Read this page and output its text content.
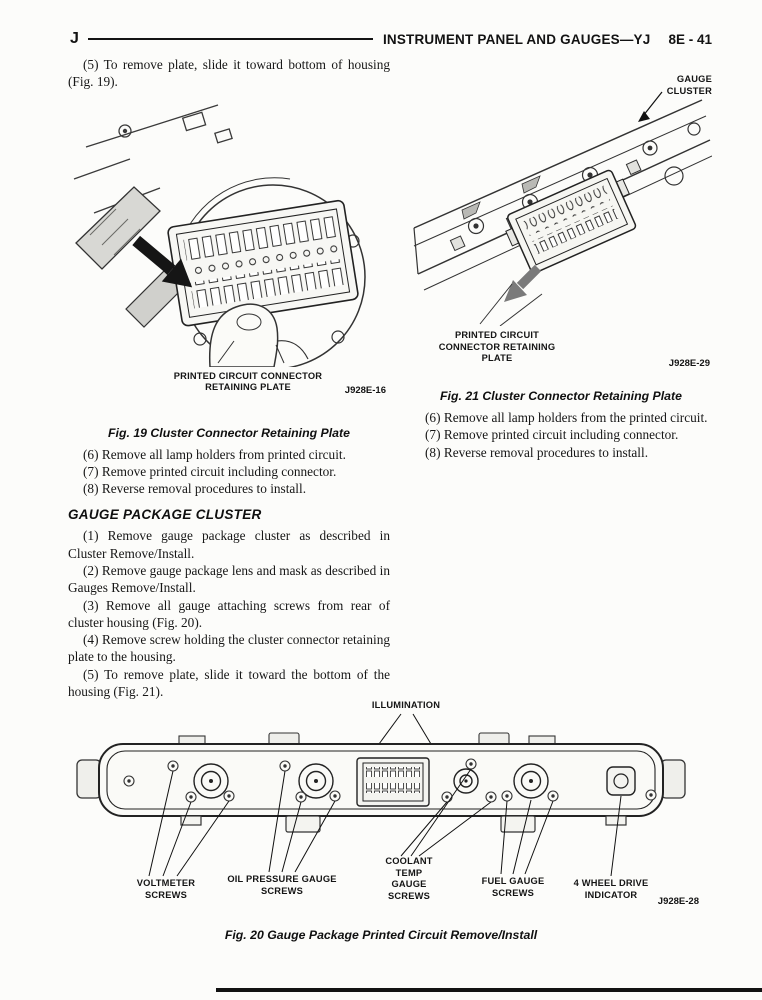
J	INSTRUMENT PANEL AND GAUGES—YJ 8E - 41

(5) To remove plate, slide it toward bottom of housing (Fig. 19).

PRINTED CIRCUIT CONNECTOR RETAINING PLATE	J928E-16

Fig. 19 Cluster Connector Retaining Plate

(6) Remove all lamp holders from printed circuit.

(7) Remove printed circuit including connector.

(8) Reverse removal procedures to install.

GAUGE PACKAGE CLUSTER

(1) Remove gauge package cluster as described in Cluster Remove/Install.

(2) Remove gauge package lens and mask as described in Gauges Remove/Install.

(3) Remove all gauge attaching screws from rear of cluster housing (Fig. 20).

(4) Remove screw holding the cluster connector retaining plate to the housing.

(5) To remove plate, slide it toward the bottom of the housing (Fig. 21).

GAUGE CLUSTER
PRINTED CIRCUIT CONNECTOR RETAINING PLATE	J928E-29

Fig. 21 Cluster Connector Retaining Plate

(6) Remove all lamp holders from the printed circuit.

(7) Remove printed circuit including connector.

(8) Reverse removal procedures to install.

ILLUMINATION
VOLTMETER SCREWS
OIL PRESSURE GAUGE SCREWS
COOLANT TEMP GAUGE SCREWS
FUEL GAUGE SCREWS
4 WHEEL DRIVE INDICATOR
J928E-28

Fig. 20 Gauge Package Printed Circuit Remove/Install
